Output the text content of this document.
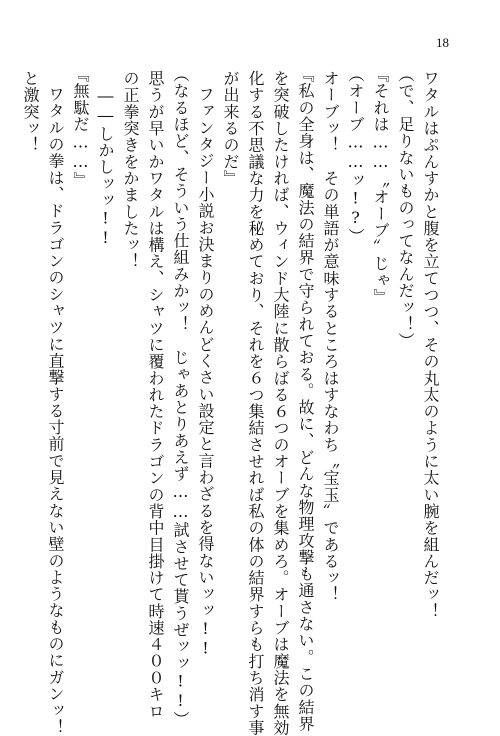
18
ワタルはぷんすかと腹を立てつつ、その丸太のように太い腕を組んだッ！
（で、足りないものってなんだッ！）
『それは……〝オーブ〟じゃ』
（オーブ……ッ!?）
オーブッ！　その単語が意味するところはすなわち〝宝玉〟であるッ！
『私の全身は、魔法の結界で守られておる。故に、どんな物理攻撃も通さない。この結界
を突破したければ、ウィンド大陸に散らばる６つのオーブを集めろ。オーブは魔法を無効
化する不思議な力を秘めており、それを６つ集結させれば私の体の結界すらも打ち消す事
が出来るのだ』
ファンタジー小説お決まりのめんどくさい設定と言わざるを得ないッッ!!
（なるほど、そういう仕組みかッ！　じゃあとりあえず……試させて貰うぜッッ!!）
思うが早いかワタルは構え、シャツに覆われたドラゴンの背中目掛けて時速４００キロ
の正拳突きをかましたッ！
――しかしッッ!!
『無駄だ……』
ワタルの拳は、ドラゴンのシャツに直撃する寸前で見えない壁のようなものにガンッ！
と激突ッ！
